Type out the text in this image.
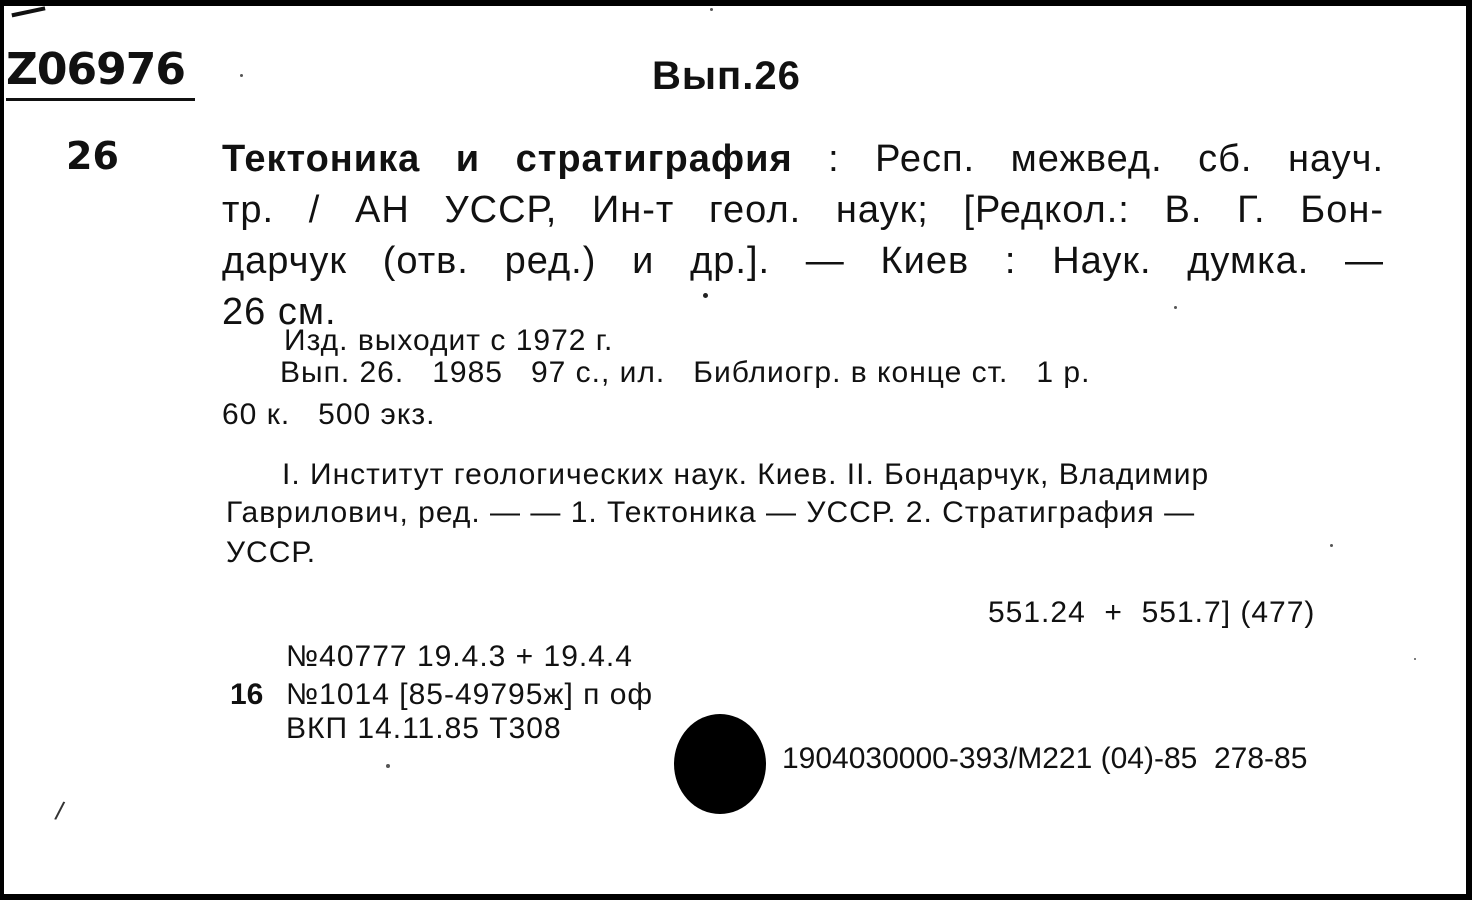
Z06976
26
Вып.26
Тектоника и стратиграфия : Респ. межвед. сб. науч.
тр. / АН УССР, Ин-т геол. наук; [Редкол.: В. Г. Бон-
дарчук (отв. ред.) и др.]. — Киев : Наук. думка. —
26 см.
Изд. выходит с 1972 г.
Вып. 26.   1985   97 с., ил.   Библиогр. в конце ст.   1 р.
60 к.   500 экз.
I. Институт геологических наук. Киев. II. Бондарчук, Владимир
Гаврилович, ред. — — 1. Тектоника — УССР. 2. Стратиграфия —
УССР.
551.24  +  551.7] (477)
№40777 19.4.3 + 19.4.4
16 №1014 [85-49795ж] п оф
ВКП 14.11.85 Т308
1904030000-393/М221 (04)-85  278-85
/
